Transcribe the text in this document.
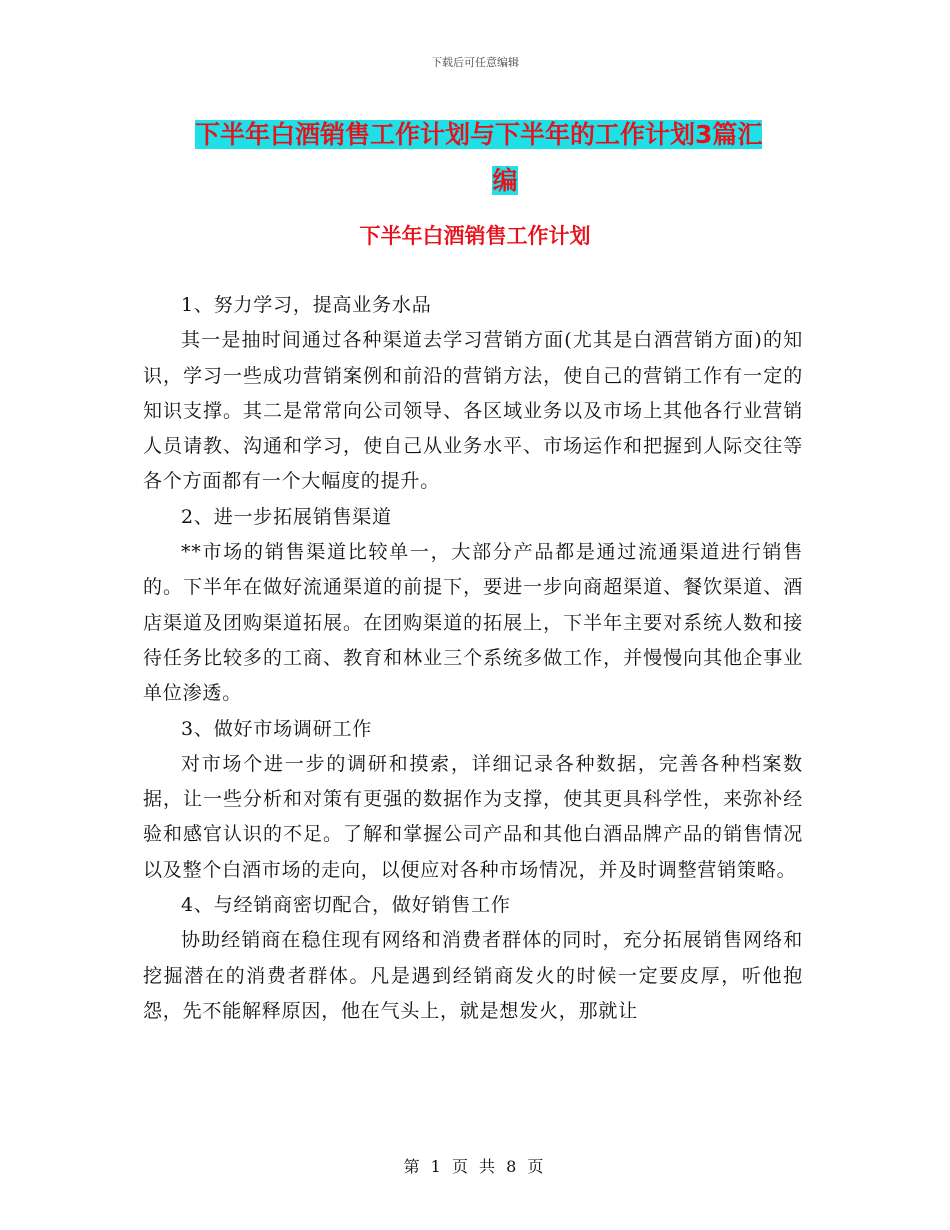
下载后可任意编辑
下半年白酒销售工作计划与下半年的工作计划3篇汇
编
下半年白酒销售工作计划

1、努力学习，提高业务水品

其一是抽时间通过各种渠道去学习营销方面(尤其是白酒营销方面)的知识，学习一些成功营销案例和前沿的营销方法，使自己的营销工作有一定的知识支撑。其二是常常向公司领导、各区域业务以及市场上其他各行业营销人员请教、沟通和学习，使自己从业务水平、市场运作和把握到人际交往等各个方面都有一个大幅度的提升。

2、进一步拓展销售渠道

**市场的销售渠道比较单一，大部分产品都是通过流通渠道进行销售的。下半年在做好流通渠道的前提下，要进一步向商超渠道、餐饮渠道、酒店渠道及团购渠道拓展。在团购渠道的拓展上，下半年主要对系统人数和接待任务比较多的工商、教育和林业三个系统多做工作，并慢慢向其他企事业单位渗透。

3、做好市场调研工作

对市场个进一步的调研和摸索，详细记录各种数据，完善各种档案数据，让一些分析和对策有更强的数据作为支撑，使其更具科学性，来弥补经验和感官认识的不足。了解和掌握公司产品和其他白酒品牌产品的销售情况以及整个白酒市场的走向，以便应对各种市场情况，并及时调整营销策略。

4、与经销商密切配合，做好销售工作

协助经销商在稳住现有网络和消费者群体的同时，充分拓展销售网络和挖掘潜在的消费者群体。凡是遇到经销商发火的时候一定要皮厚，听他抱怨，先不能解释原因，他在气头上，就是想发火，那就让

第 1 页 共 8 页
